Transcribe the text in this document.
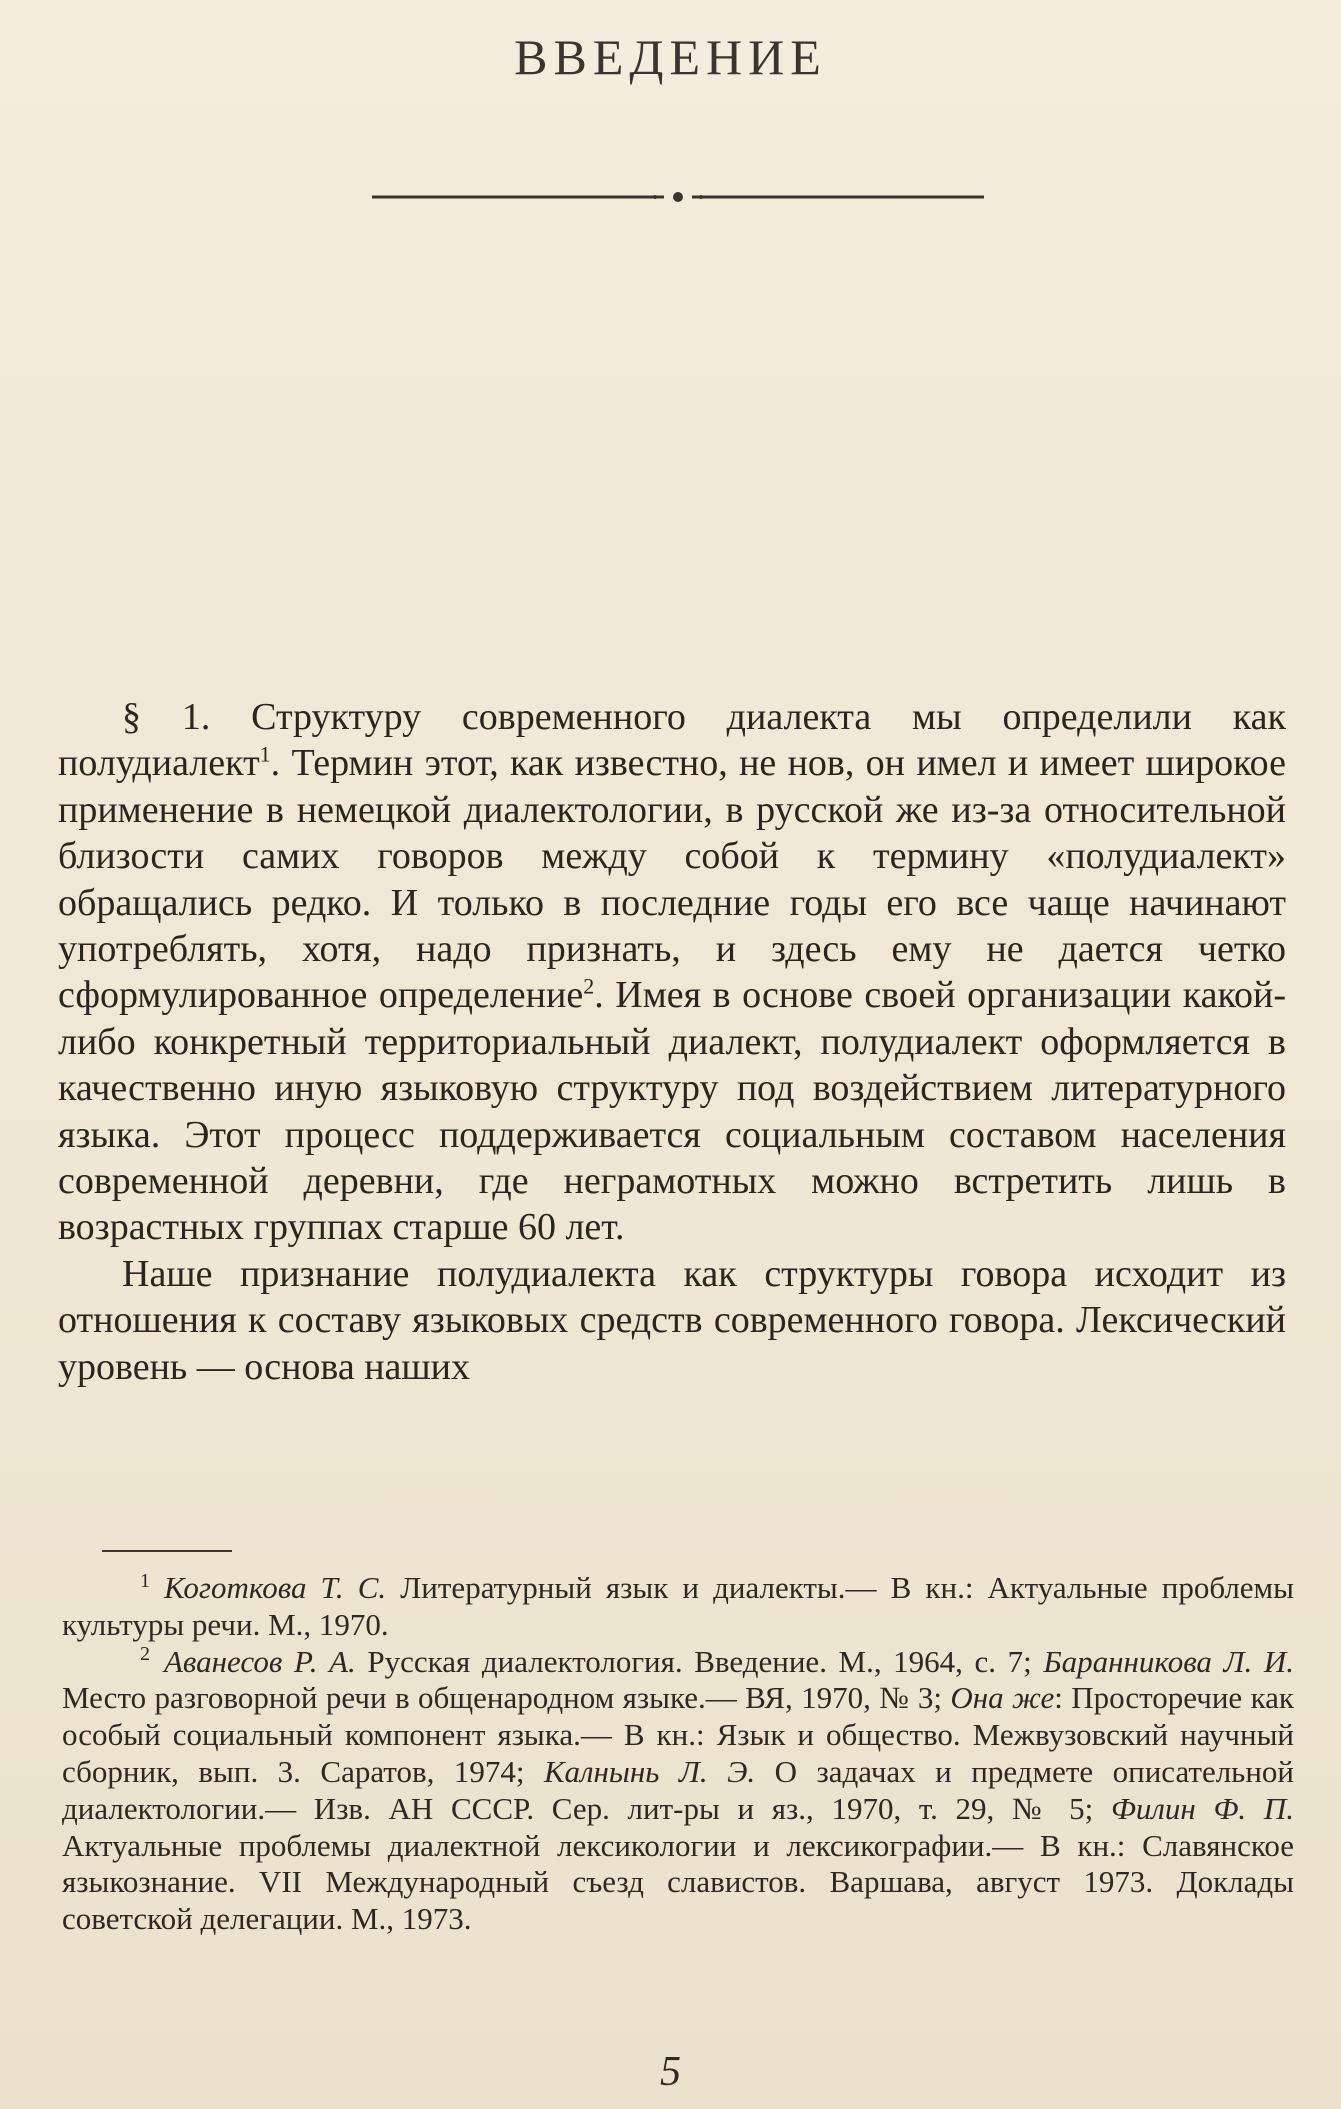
ВВЕДЕНИЕ

§ 1. Структуру современного диалекта мы определили как полудиалект$^1$. Термин этот, как известно, не нов, он имел и имеет широкое применение в немецкой диалектологии, в русской же из-за относительной близости самих говоров между собой к термину «полудиалект» обращались редко. И только в последние годы его все чаще начинают употреблять, хотя, надо признать, и здесь ему не дается четко сформулированное определение$^2$. Имея в основе своей организации какой-либо конкретный территориальный диалект, полудиалект оформляется в качественно иную языковую структуру под воздействием литературного языка. Этот процесс поддерживается социальным составом населения современной деревни, где неграмотных можно встретить лишь в возрастных группах старше 60 лет.

Наше признание полудиалекта как структуры говора исходит из отношения к составу языковых средств современного говора. Лексический уровень — основа наших

$^1$ Коготкова Т. С. Литературный язык и диалекты.— В кн.: Актуальные проблемы культуры речи. М., 1970.

$^2$ Аванесов Р. А. Русская диалектология. Введение. М., 1964, с. 7; Баранникова Л. И. Место разговорной речи в общенародном языке.— ВЯ, 1970, № 3; Она же: Просторечие как особый социальный компонент языка.— В кн.: Язык и общество. Межвузовский научный сборник, вып. 3. Саратов, 1974; Калнынь Л. Э. О задачах и предмете описательной диалектологии.— Изв. АН СССР. Сер. лит-ры и яз., 1970, т. 29, № 5; Филин Ф. П. Актуальные проблемы диалектной лексикологии и лексикографии.— В кн.: Славянское языкознание. VII Международный съезд славистов. Варшава, август 1973. Доклады советской делегации. М., 1973.

5
